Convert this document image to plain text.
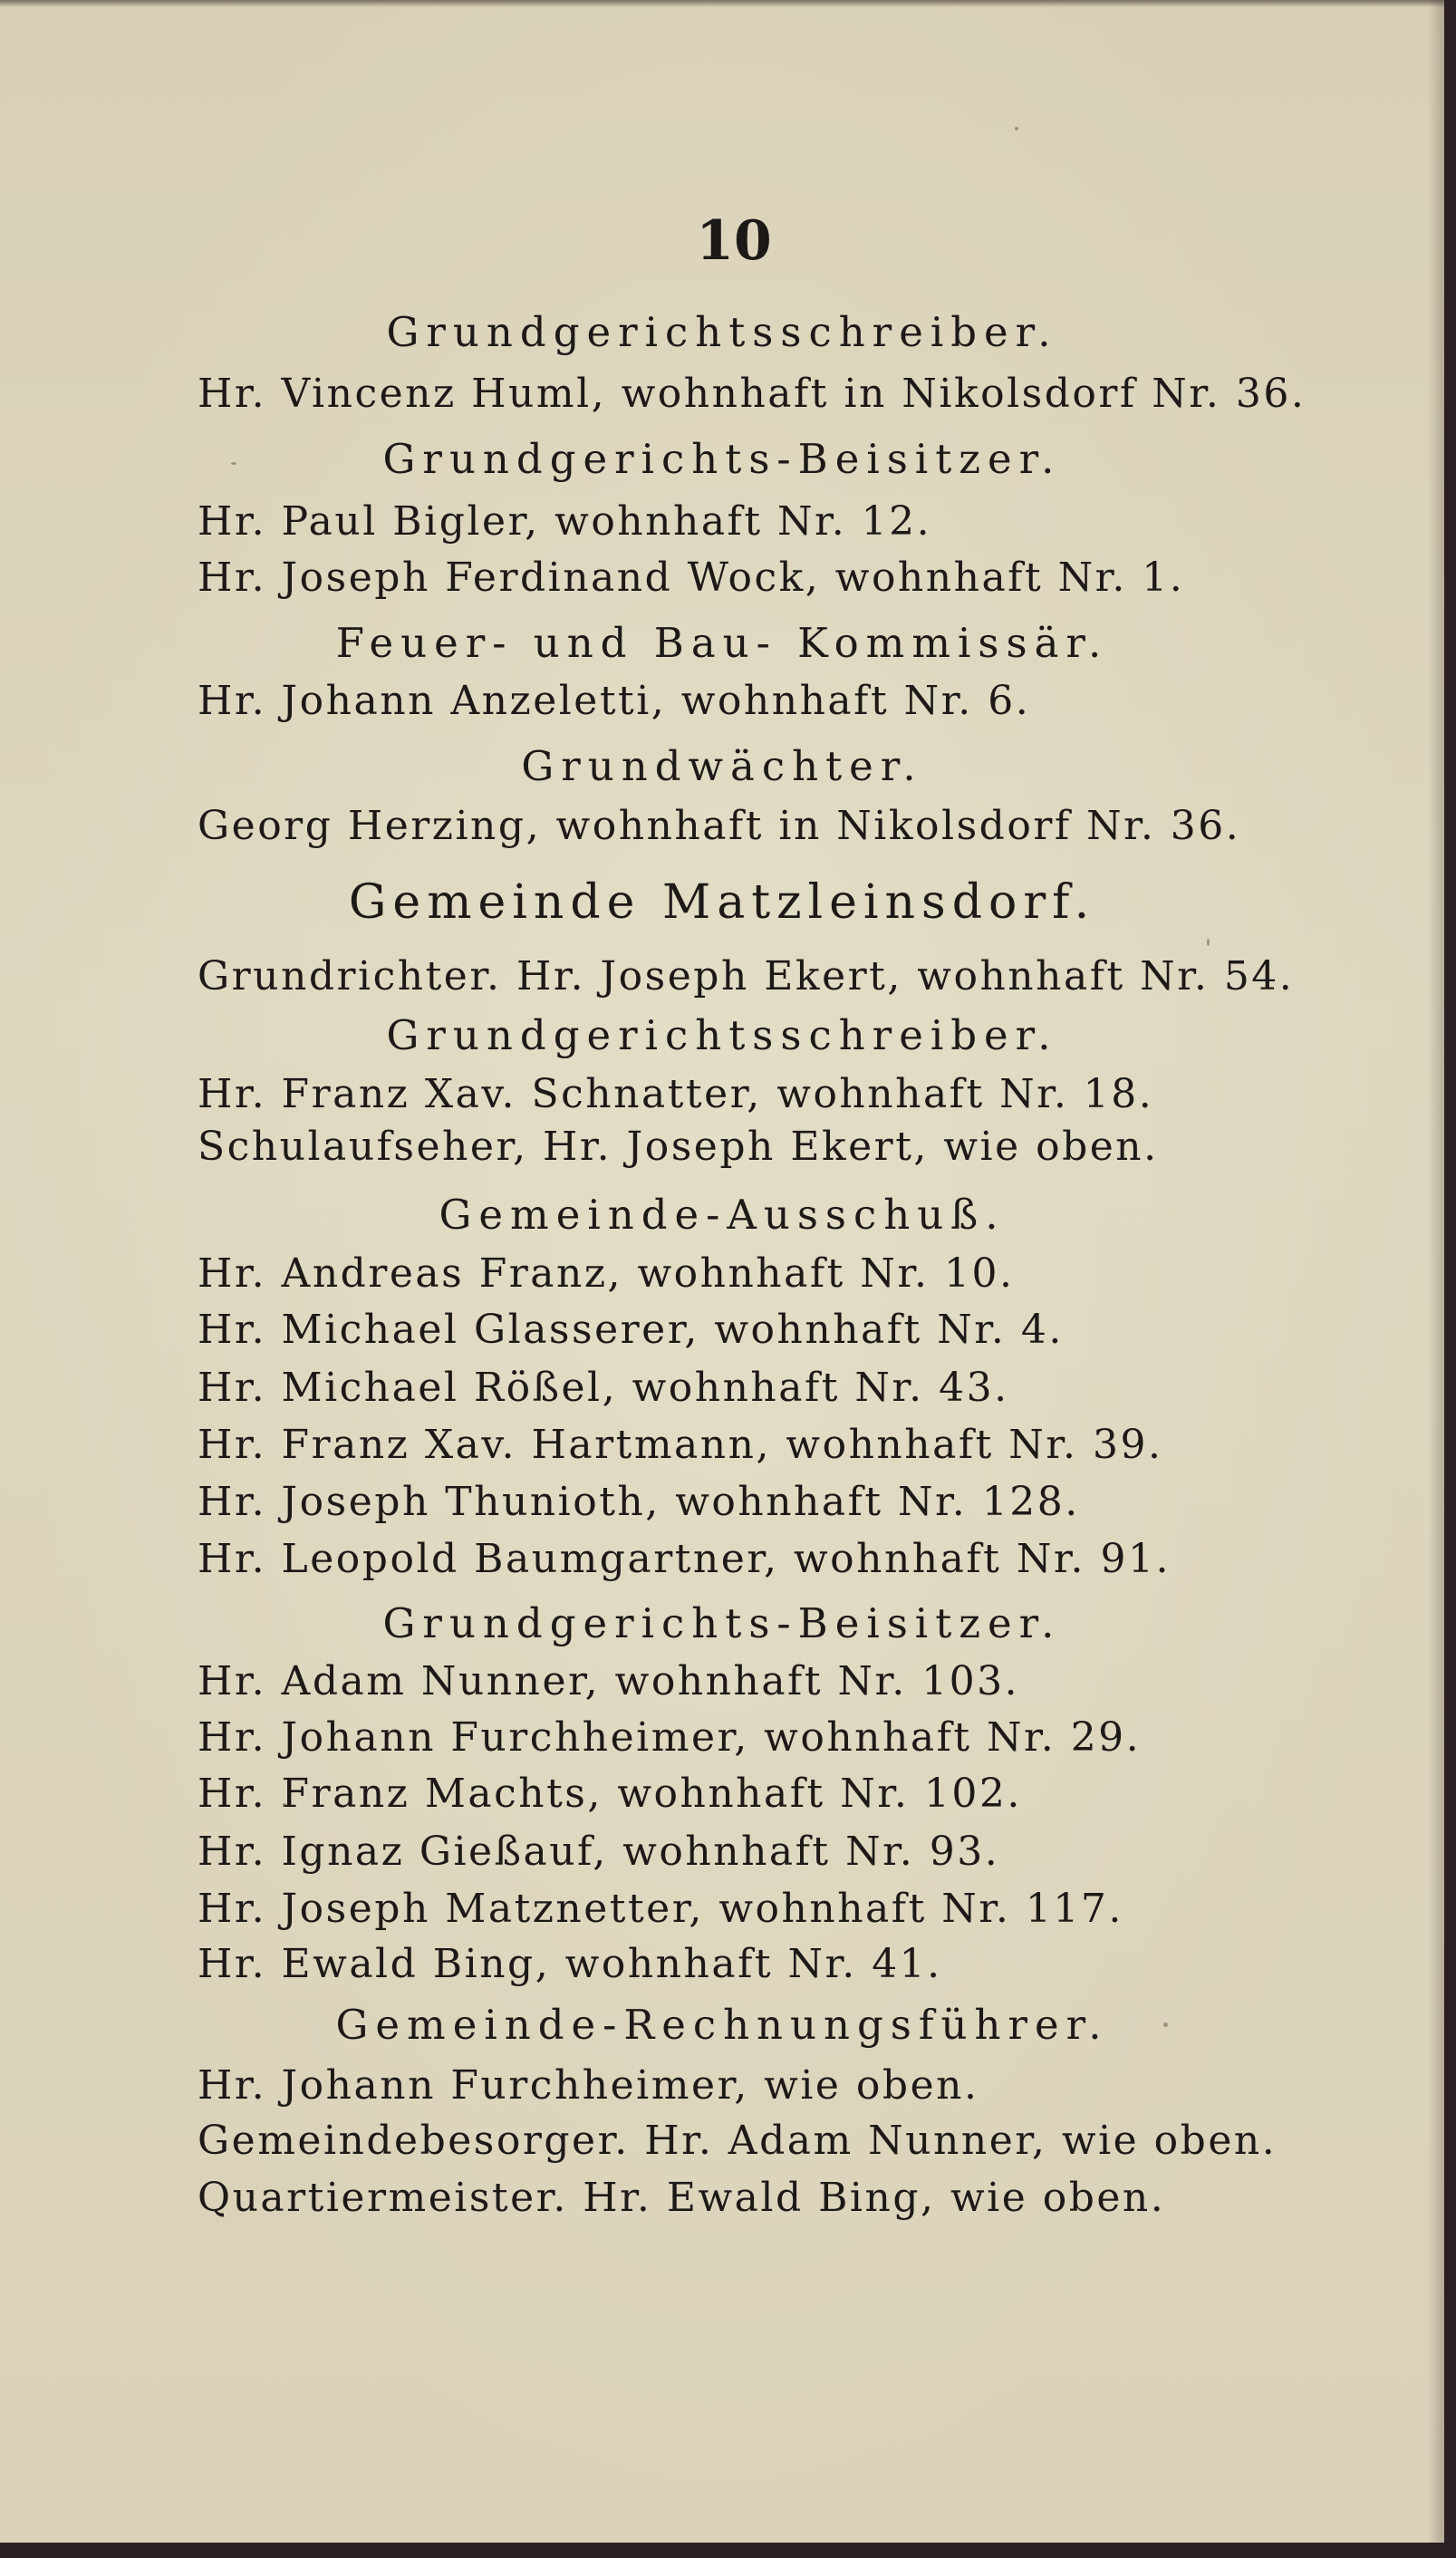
10
Grundgerichtsschreiber.
Hr. Vincenz Huml, wohnhaft in Nikolsdorf Nr. 36.
Grundgerichts-Beisitzer.
Hr. Paul Bigler, wohnhaft Nr. 12.
Hr. Joseph Ferdinand Wock, wohnhaft Nr. 1.
Feuer- und Bau- Kommissär.
Hr. Johann Anzeletti, wohnhaft Nr. 6.
Grundwächter.
Georg Herzing, wohnhaft in Nikolsdorf Nr. 36.
Gemeinde Matzleinsdorf.
Grundrichter. Hr. Joseph Ekert, wohnhaft Nr. 54.
Grundgerichtsschreiber.
Hr. Franz Xav. Schnatter, wohnhaft Nr. 18.
Schulaufseher, Hr. Joseph Ekert, wie oben.
Gemeinde-Ausschuß.
Hr. Andreas Franz, wohnhaft Nr. 10.
Hr. Michael Glasserer, wohnhaft Nr. 4.
Hr. Michael Rößel, wohnhaft Nr. 43.
Hr. Franz Xav. Hartmann, wohnhaft Nr. 39.
Hr. Joseph Thunioth, wohnhaft Nr. 128.
Hr. Leopold Baumgartner, wohnhaft Nr. 91.
Grundgerichts-Beisitzer.
Hr. Adam Nunner, wohnhaft Nr. 103.
Hr. Johann Furchheimer, wohnhaft Nr. 29.
Hr. Franz Machts, wohnhaft Nr. 102.
Hr. Ignaz Gießauf, wohnhaft Nr. 93.
Hr. Joseph Matznetter, wohnhaft Nr. 117.
Hr. Ewald Bing, wohnhaft Nr. 41.
Gemeinde-Rechnungsführer.
Hr. Johann Furchheimer, wie oben.
Gemeindebesorger. Hr. Adam Nunner, wie oben.
Quartiermeister. Hr. Ewald Bing, wie oben.
